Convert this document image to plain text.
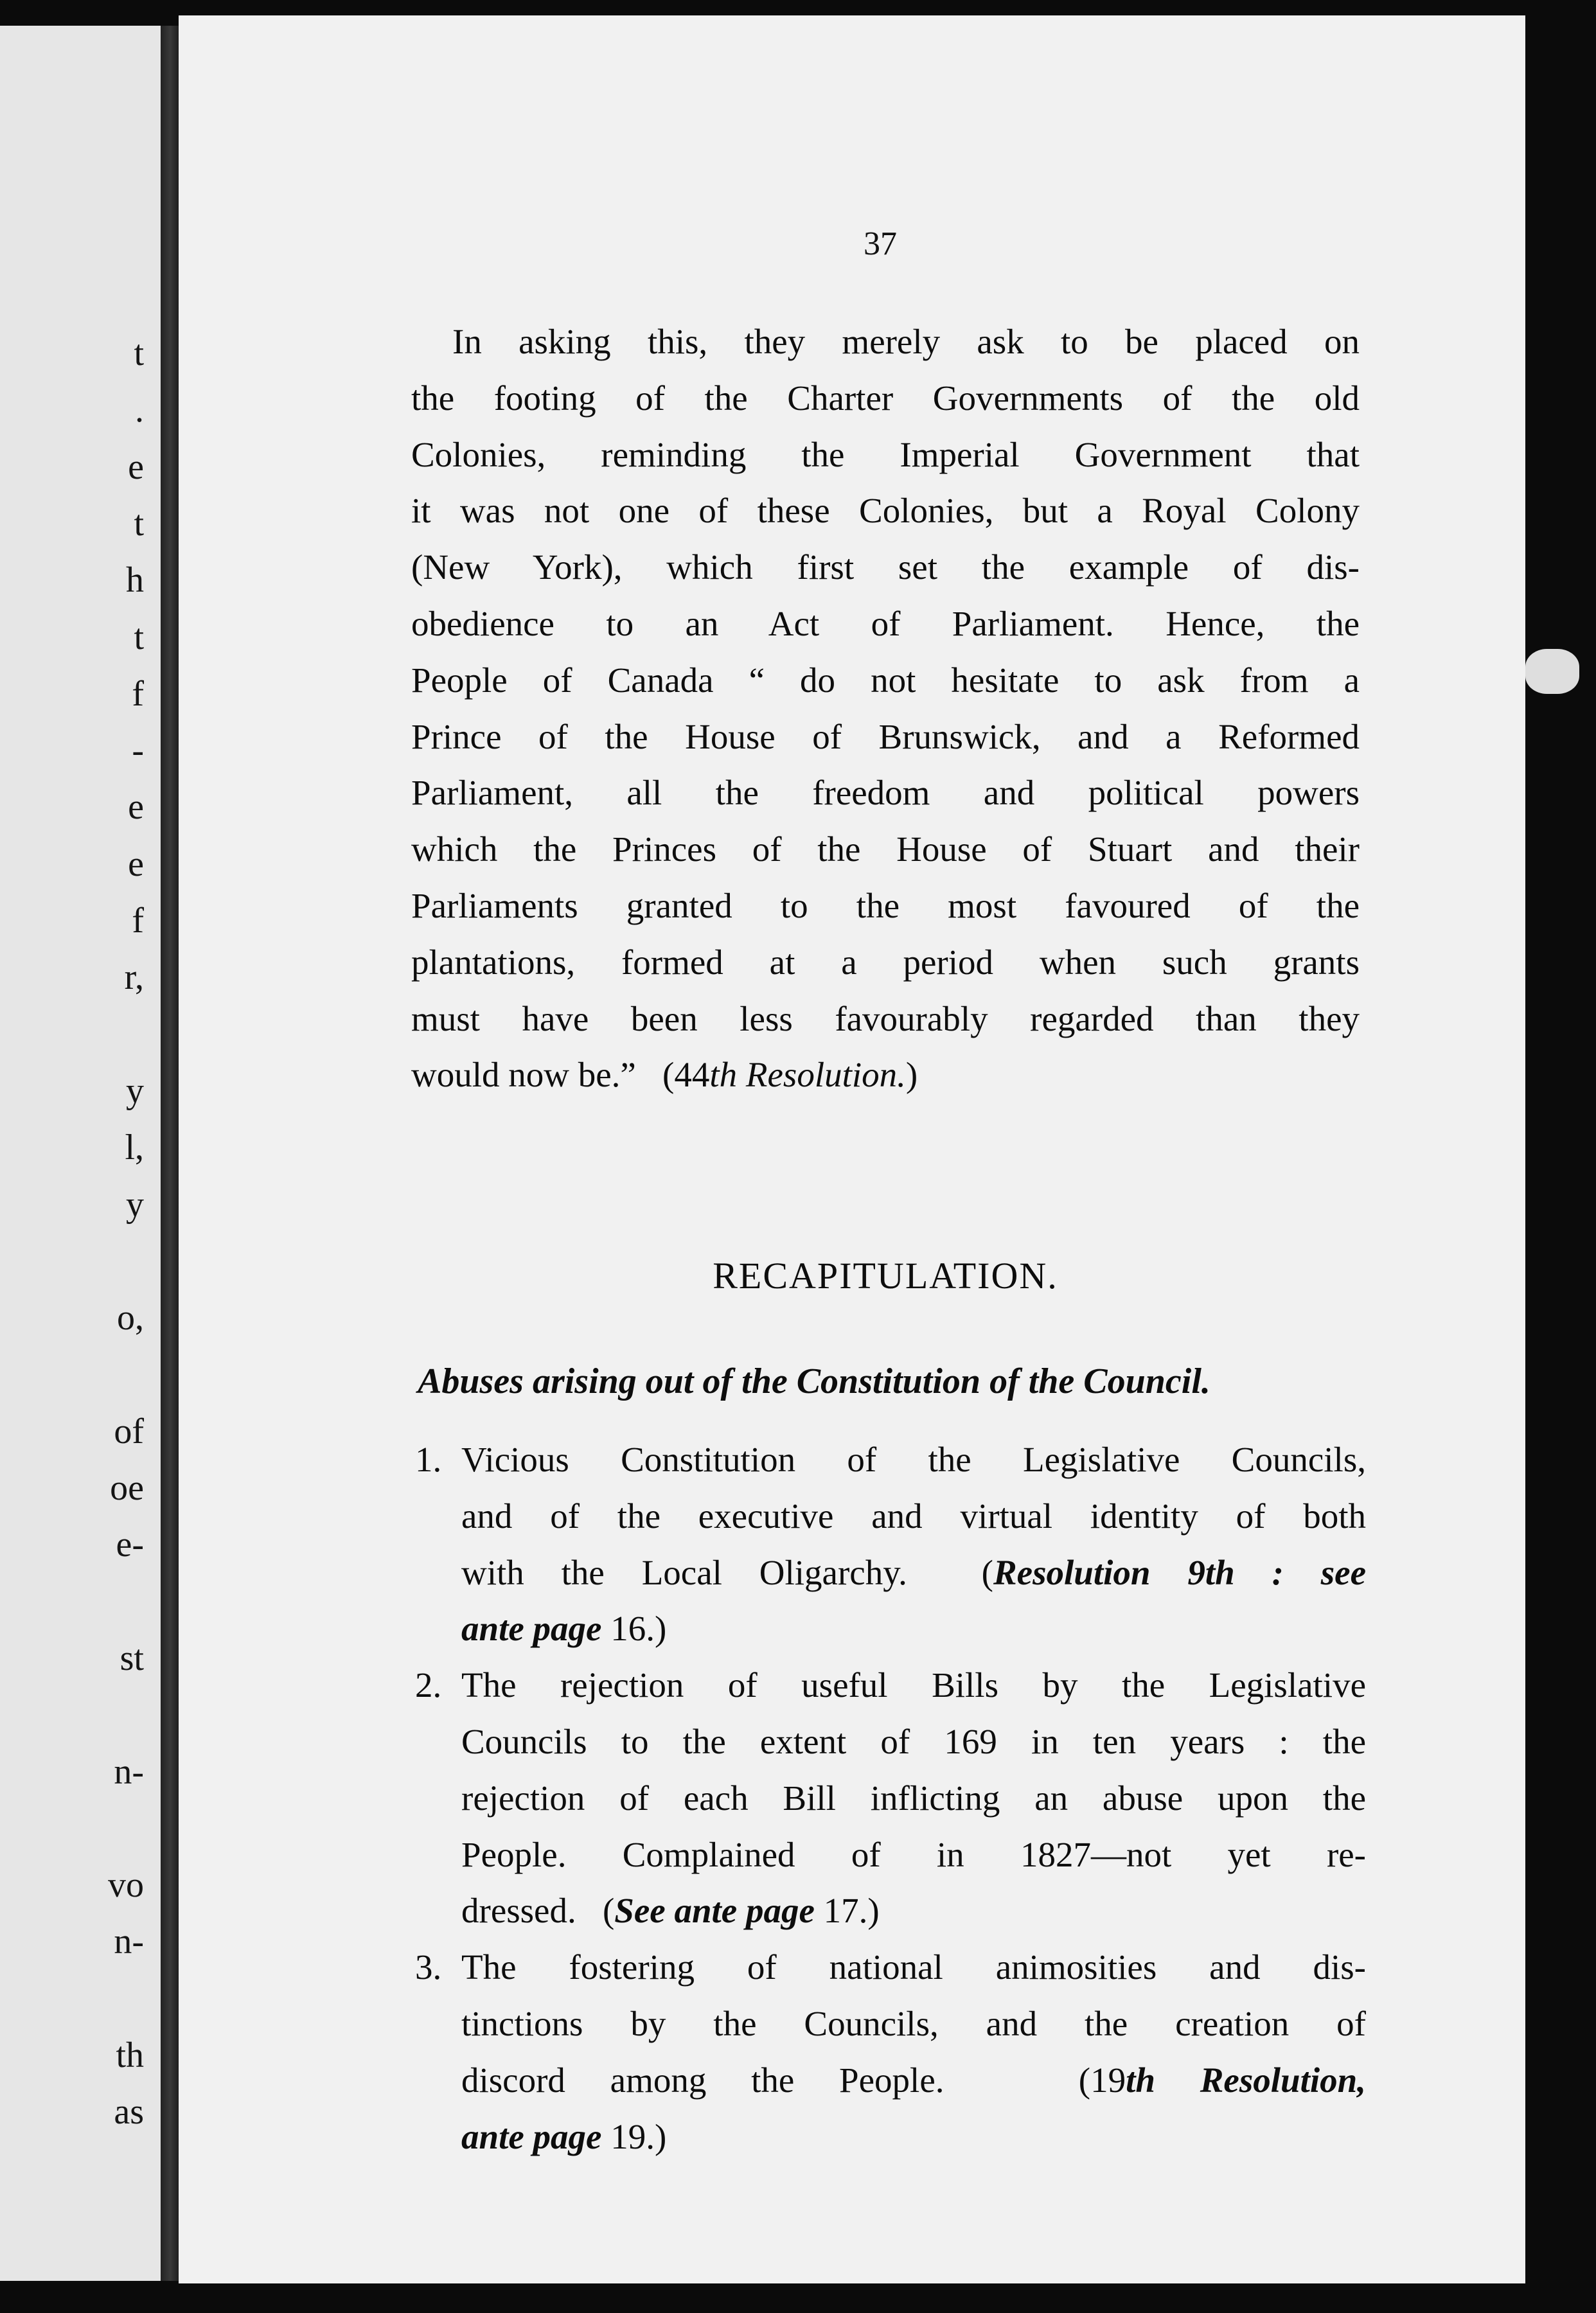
t
.
e
t
h
t
f
-
e
e
f
r,
y
l,
y
o,
of
oe
e-
st
n-
vo
n-
th
as
37
In asking this, they merely ask to be placed on
the footing of the Charter Governments of the old
Colonies, reminding the Imperial Government that
it was not one of these Colonies, but a Royal Colony
(New York), which first set the example of dis-
obedience to an Act of Parliament. Hence, the
People of Canada “ do not hesitate to ask from a
Prince of the House of Brunswick, and a Reformed
Parliament, all the freedom and political powers
which the Princes of the House of Stuart and their
Parliaments granted to the most favoured of the
plantations, formed at a period when such grants
must have been less favourably regarded than they
would now be.” (44th Resolution.)
RECAPITULATION.
Abuses arising out of the Constitution of the Council.
1. Vicious Constitution of the Legislative Councils,
and of the executive and virtual identity of both
with the Local Oligarchy. (Resolution 9th : see
ante page 16.)
2. The rejection of useful Bills by the Legislative
Councils to the extent of 169 in ten years : the
rejection of each Bill inflicting an abuse upon the
People. Complained of in 1827—not yet re-
dressed. (See ante page 17.)
3. The fostering of national animosities and dis-
tinctions by the Councils, and the creation of
discord among the People.	(19th Resolution,
ante page 19.)
